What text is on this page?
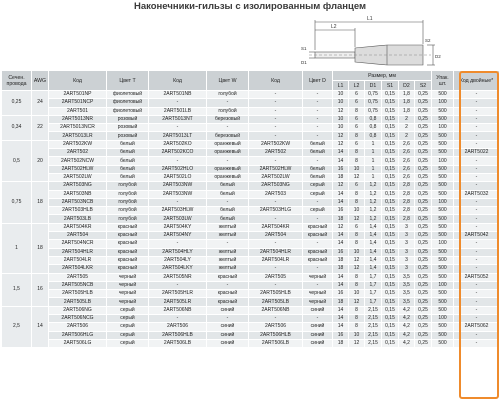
Наконечники-гильзы с изолированным фланцем
L1
L2
S1
D1
S2
D2
Сечен. провода	AWG	Код	Цвет T	Код	Цвет W	Код	Цвет D	Размер, мм						Упак. шт.	Код двойные*
								L1	L2	D1	S1	D2	S2		
0,25	24	2ART501NP	фиолетовый	2ART501NB	голубой	-	-	10	6	0,75	0,15	1,8	0,25	500	-
		2ART501NCP	фиолетовый	-	-	-	-	10	6	0,75	0,15	1,8	0,25	100	-
		2ART501	фиолетовый	2ART501LB	голубой	-	-	12	8	0,75	0,15	1,8	0,25	500	-
0,34	22	2ART5013NR	розовый	2ART5013NT	березовый	-	-	10	6	0,8	0,15	2	0,25	500	-
		2ART5013NCR	розовый	-	-	-	-	10	6	0,8	0,15	2	0,25	100	-
		2ART5013LR	розовый	2ART5013LT	березовый	-	-	12	8	0,8	0,15	2	0,25	500	-
0,5	20	2ART502KW	белый	2ART502KO	оранжевый	2ART502KW	белый	12	6	1	0,15	2,6	0,25	500	-
		2ART502	белый	2ART502KCO	оранжевый	2ART502	белый	14	8	1	0,15	2,6	0,25	500	2ART5022
		2ART502NCW	белый	-	-	-	-	14	8	1	0,15	2,6	0,25	100	-
		2ART502HLW	белый	2ART502HLO	оранжевый	2ART502HLW	белый	16	10	1	0,15	2,6	0,25	500	-
		2ART502LW	белый	2ART502LO	оранжевый	2ART502LW	белый	18	12	1	0,15	2,6	0,25	500	-
0,75	18	2ART503NG	голубой	2ART503NW	белый	2ART503NG	серый	12	6	1,2	0,15	2,8	0,25	500	-
		2ART503NB	голубой	2ART503NW	белый	2ART503	серый	14	8	1,2	0,15	2,8	0,25	500	2ART5032
		2ART503NCB	голубой	-	-	-	-	14	8	1,2	0,15	2,8	0,25	100	-
		2ART503HLB	голубой	2ART503HLW	белый	2ART503HLG	серый	16	10	1,2	0,15	2,8	0,25	500	-
		2ART503LB	голубой	2ART503LW	белый	-	-	18	12	1,2	0,15	2,8	0,25	500	-
1	18	2ART504KR	красный	2ART504KY	желтый	2ART504KR	красный	12	6	1,4	0,15	3	0,25	500	-
		2ART504	красный	2ART504NY	желтый	2ART504	красный	14	8	1,4	0,15	3	0,25	500	2ART5042
		2ART504NCR	красный	-	-	-	-	14	8	1,4	0,15	3	0,25	100	-
		2ART504HLR	красный	2ART504HLY	желтый	2ART504HLR	красный	16	10	1,4	0,15	3	0,25	500	-
		2ART504LR	красный	2ART504LY	желтый	2ART504LR	красный	18	12	1,4	0,15	3	0,25	500	-
		2ART504LKR	красный	2ART504LKY	желтый	-	-	18	12	1,4	0,15	3	0,25	500	-
1,5	16	2ART505	черный	2ART505NR	красный	2ART505	черный	14	8	1,7	0,15	3,5	0,25	500	2ART5052
		2ART505NCB	черный	-	-	-	-	14	8	1,7	0,15	3,5	0,25	100	-
		2ART505HLB	черный	2ART505HLR	красный	2ART505HLB	черный	16	10	1,7	0,15	3,5	0,25	500	-
		2ART505LB	черный	2ART505LR	красный	2ART505LB	черный	18	12	1,7	0,15	3,5	0,25	500	-
2,5	14	2ART506NG	серый	2ART506NB	синий	2ART506NB	синий	14	8	2,15	0,15	4,2	0,25	500	-
		2ART506NCG	серый	-	-	-	-	14	8	2,15	0,15	4,2	0,25	100	-
		2ART506	серый	2ART506	синий	2ART506	синий	14	8	2,15	0,15	4,2	0,25	500	2ART5062
		2ART506HLG	серый	2ART506HLB	синий	2ART506HLB	синий	16	10	2,15	0,15	4,2	0,25	500	-
		2ART506LG	серый	2ART506LB	синий	2ART506LB	синий	18	12	2,15	0,15	4,2	0,25	500	-
